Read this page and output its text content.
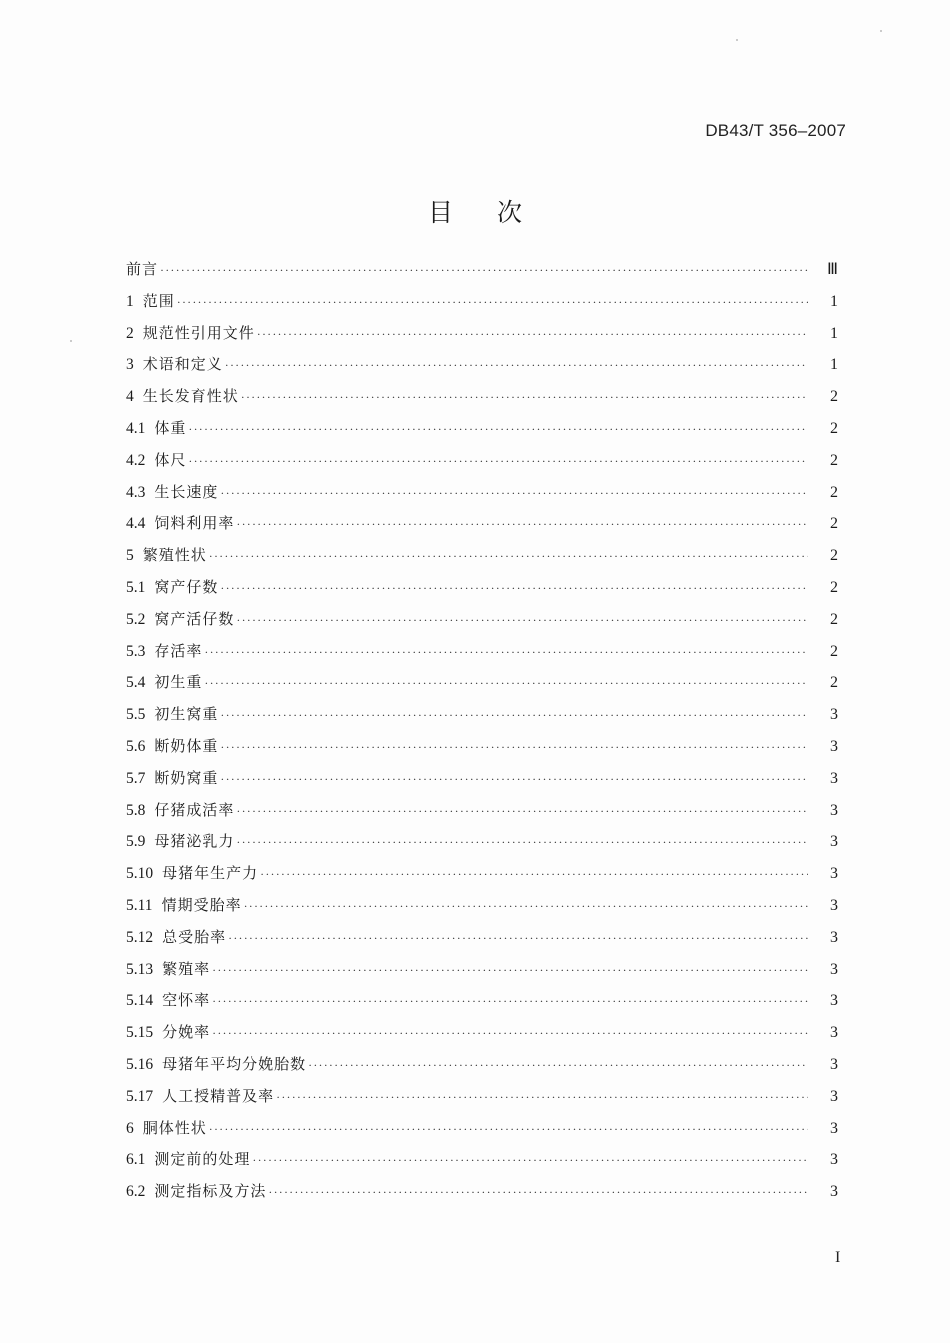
DB43/T 356–2007
目次
前言 ·····	Ⅲ
1 范围 ·····	1
2 规范性引用文件 ·····	1
3 术语和定义 ·····	1
4 生长发育性状 ·····	2
4.1 体重 ·····	2
4.2 体尺 ·····	2
4.3 生长速度 ·····	2
4.4 饲料利用率 ·····	2
5 繁殖性状 ·····	2
5.1 窝产仔数 ·····	2
5.2 窝产活仔数 ·····	2
5.3 存活率 ·····	2
5.4 初生重 ·····	2
5.5 初生窝重 ·····	3
5.6 断奶体重 ·····	3
5.7 断奶窝重 ·····	3
5.8 仔猪成活率 ·····	3
5.9 母猪泌乳力 ·····	3
5.10 母猪年生产力 ·····	3
5.11 情期受胎率 ·····	3
5.12 总受胎率 ·····	3
5.13 繁殖率 ·····	3
5.14 空怀率 ·····	3
5.15 分娩率 ·····	3
5.16 母猪年平均分娩胎数 ·····	3
5.17 人工授精普及率 ·····	3
6 胴体性状 ·····	3
6.1 测定前的处理 ·····	3
6.2 测定指标及方法 ·····	3
I
